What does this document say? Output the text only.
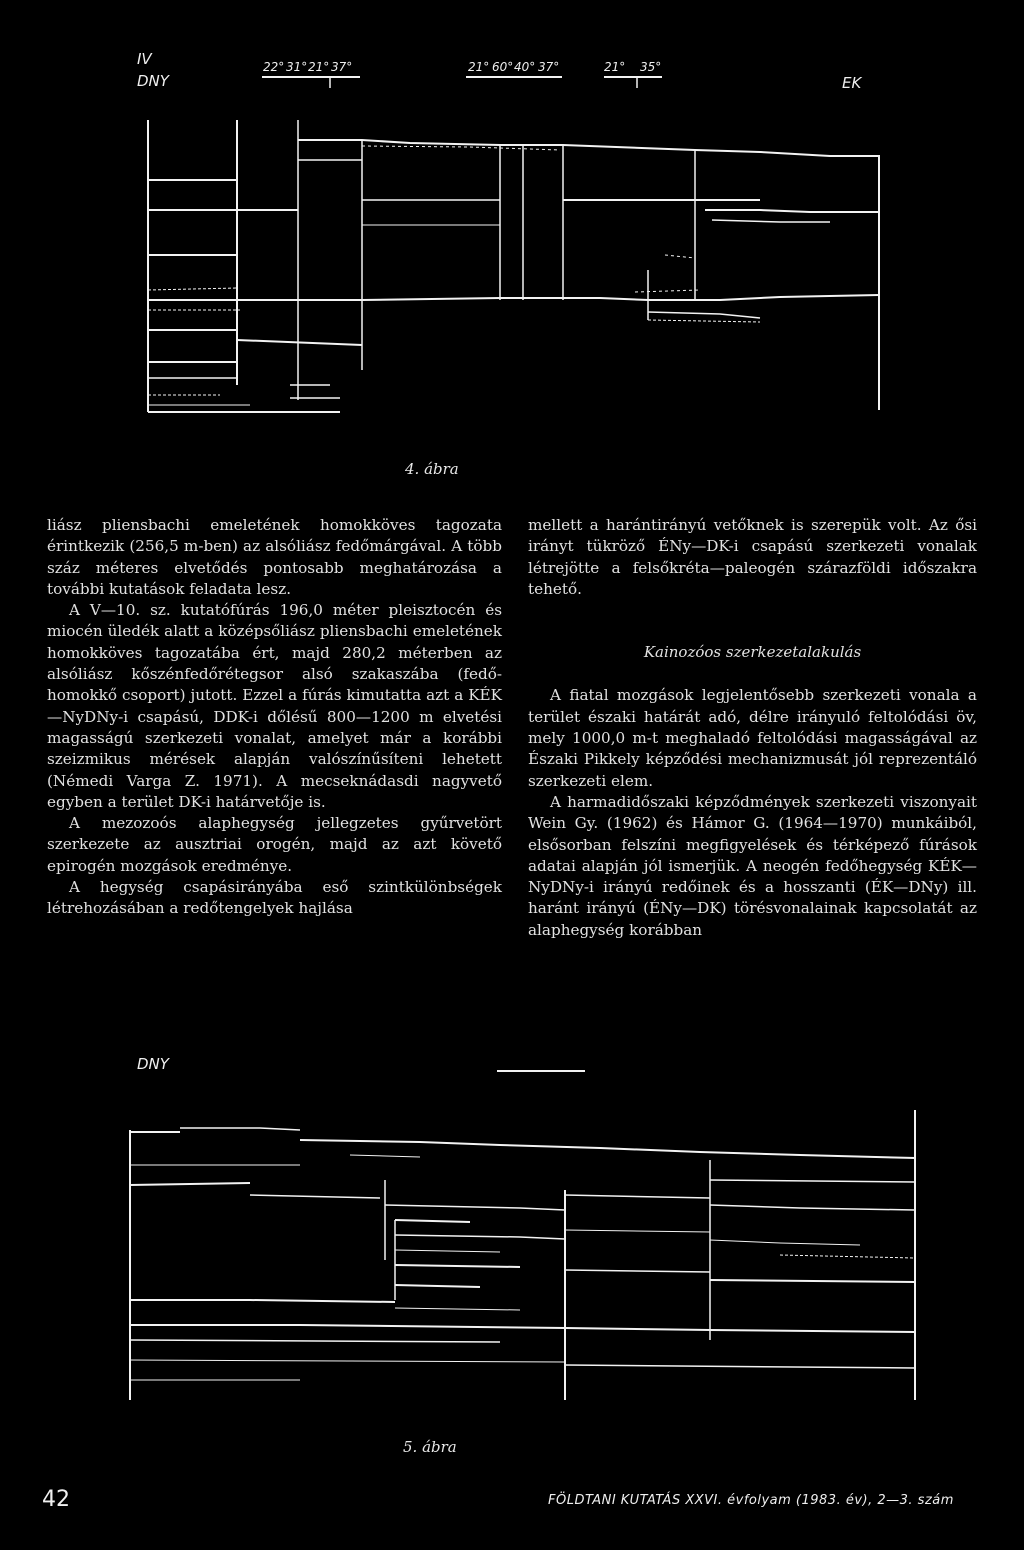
IV
DNY	EK
22° 31° 21° 37°	21° 60° 40° 37°	21° 35°
4. ábra

liász pliensbachi emeletének homokköves tagozata érintkezik (256,5 m-ben) az alsóliász fedőmárgával. A több száz méteres elvetődés pontosabb meghatározása a további kutatások feladata lesz.

A V—10. sz. kutatófúrás 196,0 méter pleisztocén és miocén üledék alatt a középsőliász pliensbachi emeletének homokköves tagozatába ért, majd 280,2 méterben az alsóliász kőszénfedőrétegsor alsó szakaszába (fedő-homokkő csoport) jutott. Ezzel a fúrás kimutatta azt a KÉK—NyDNy-i csapású, DDK-i dőlésű 800—1200 m elvetési magasságú szerkezeti vonalat, amelyet már a korábbi szeizmikus mérések alapján valószínűsíteni lehetett (Némedi Varga Z. 1971). A mecseknádasdi nagyvető egyben a terület DK-i határvetője is.

A mezozoós alaphegység jellegzetes gyűrvetört szerkezete az ausztriai orogén, majd az azt követő epirogén mozgások eredménye.

A hegység csapásirányába eső szintkülönbségek létrehozásában a redőtengelyek hajlása

mellett a harántirányú vetőknek is szerepük volt. Az ősi irányt tükröző ÉNy—DK-i csapású szerkezeti vonalak létrejötte a felsőkréta—paleogén szárazföldi időszakra tehető.

Kainozóos szerkezetalakulás

A fiatal mozgások legjelentősebb szerkezeti vonala a terület északi határát adó, délre irányuló feltolódási öv, mely 1000,0 m-t meghaladó feltolódási magasságával az Északi Pikkely képződési mechanizmusát jól reprezentáló szerkezeti elem.

A harmadidőszaki képződmények szerkezeti viszonyait Wein Gy. (1962) és Hámor G. (1964—1970) munkáiból, elsősorban felszíni megfigyelések és térképező fúrások adatai alapján jól ismerjük. A neogén fedőhegység KÉK—NyDNy-i irányú redőinek és a hosszanti (ÉK—DNy) ill. haránt irányú (ÉNy—DK) törésvonalainak kapcsolatát az alaphegység korábban

DNY
5. ábra
42	FÖLDTANI KUTATÁS XXVI. évfolyam (1983. év), 2—3. szám
